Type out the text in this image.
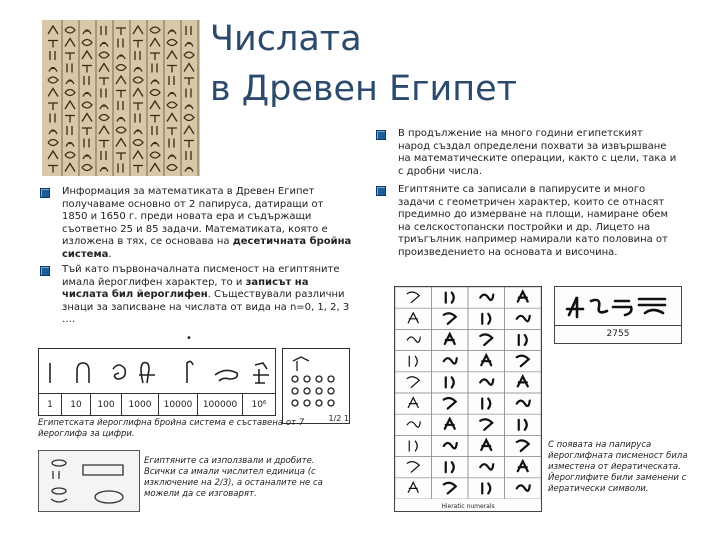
Числата
в Древен Египет
Информация за математиката в Древен Египет получаваме основно от 2 папируса, датиращи от 1850 и 1650 г. преди новата ера и съдържащи съответно 25 и 85 задачи. Математиката, която е изложена в тях, се основава на десетичната бройна система.
Тъй като първоначалната писменост на египтяните имала йероглифен характер, то и записът на числата бил йероглифен. Съществували различни знаци за записване на числата от вида на n=0, 1, 2, 3 ….
•
В продължение на много години египетският народ създал определени похвати за извършване на математическите операции, както с цели, така и с дробни числа.
Египтяните са записали в папирусите и много задачи с геометричен характер, които се отнасят предимно до измерване на площи, намиране обем на селскостопански постройки и др. Лицето на триъгълник например намирали като половина от произведението на основата и височина.
1	10	100	1000	10000	100000	10⁶
1/2 1
Египетската йероглифна бройна система е съставена от 7 йероглифа за цифри.
Египтяните са използвали и дробите. Всички са имали числител единица (с изключение на 2/3), а останалите не са можели да се изговарят.
Hieratic numerals
2755
С появата на папируса йероглифната писменост била изместена от йератическата. Йероглифите били заменени с йератически символи.
